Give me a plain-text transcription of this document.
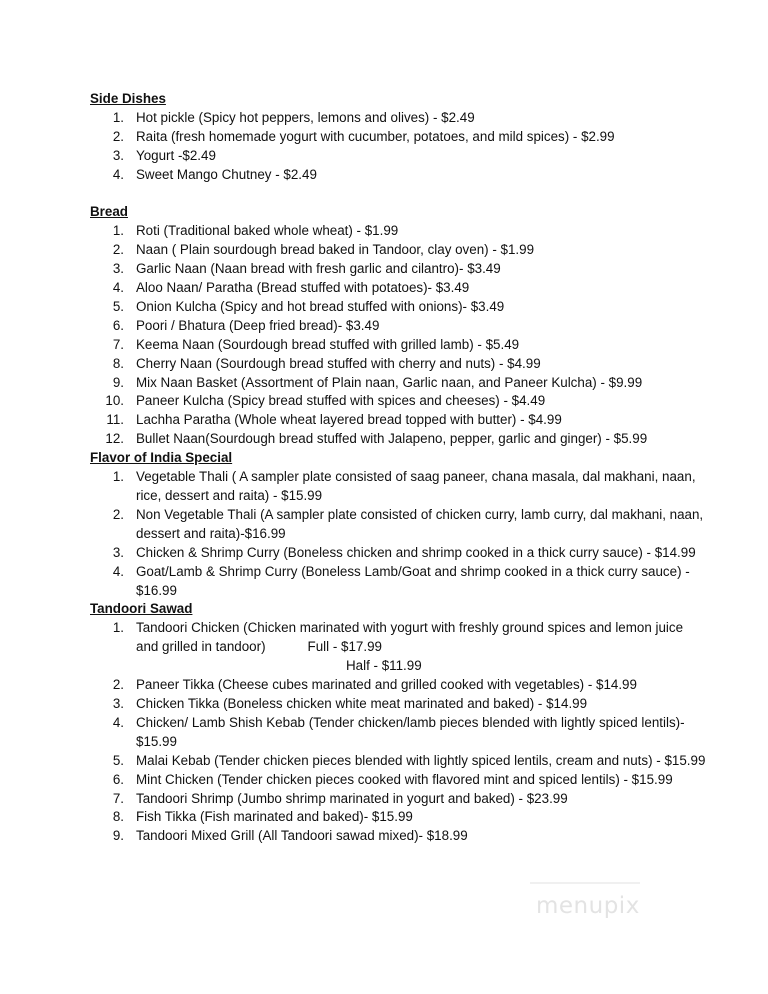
Side Dishes
1. Hot pickle (Spicy hot peppers, lemons and olives) - $2.49
2. Raita (fresh homemade yogurt with cucumber, potatoes, and mild spices) - $2.99
3. Yogurt -$2.49
4. Sweet Mango Chutney - $2.49
Bread
1. Roti (Traditional baked whole wheat) - $1.99
2. Naan ( Plain sourdough bread baked in Tandoor, clay oven) - $1.99
3. Garlic Naan (Naan bread with fresh garlic and cilantro)- $3.49
4. Aloo Naan/ Paratha (Bread stuffed with potatoes)- $3.49
5. Onion Kulcha (Spicy and hot bread stuffed with onions)- $3.49
6. Poori / Bhatura (Deep fried bread)- $3.49
7. Keema Naan (Sourdough bread stuffed with grilled lamb) - $5.49
8. Cherry Naan (Sourdough bread stuffed with cherry and nuts) - $4.99
9. Mix Naan Basket (Assortment of Plain naan, Garlic naan, and Paneer Kulcha) - $9.99
10. Paneer Kulcha (Spicy bread stuffed with spices and cheeses) - $4.49
11. Lachha Paratha (Whole wheat layered bread topped with butter) - $4.99
12. Bullet Naan(Sourdough bread stuffed with Jalapeno, pepper, garlic and ginger) - $5.99
Flavor of India Special
1. Vegetable Thali ( A sampler plate consisted of saag paneer, chana masala, dal makhani, naan, rice, dessert and raita) - $15.99
2. Non Vegetable Thali (A sampler plate consisted of chicken curry, lamb curry, dal makhani, naan, dessert and raita)-$16.99
3. Chicken & Shrimp Curry (Boneless chicken and shrimp cooked in a thick curry sauce) - $14.99
4. Goat/Lamb & Shrimp Curry (Boneless Lamb/Goat and shrimp cooked in a thick curry sauce) - $16.99
Tandoori Sawad
1. Tandoori Chicken (Chicken marinated with yogurt with freshly ground spices and lemon juice and grilled in tandoor)	Full - $17.99
Half - $11.99
2. Paneer Tikka (Cheese cubes marinated and grilled cooked with vegetables) - $14.99
3. Chicken Tikka (Boneless chicken white meat marinated and baked) - $14.99
4. Chicken/ Lamb Shish Kebab (Tender chicken/lamb pieces blended with lightly spiced lentils)- $15.99
5. Malai Kebab (Tender chicken pieces blended with lightly spiced lentils, cream and nuts) - $15.99
6. Mint Chicken (Tender chicken pieces cooked with flavored mint and spiced lentils) - $15.99
7. Tandoori Shrimp (Jumbo shrimp marinated in yogurt and baked) - $23.99
8. Fish Tikka (Fish marinated and baked)- $15.99
9. Tandoori Mixed Grill (All Tandoori sawad mixed)- $18.99
menupix
